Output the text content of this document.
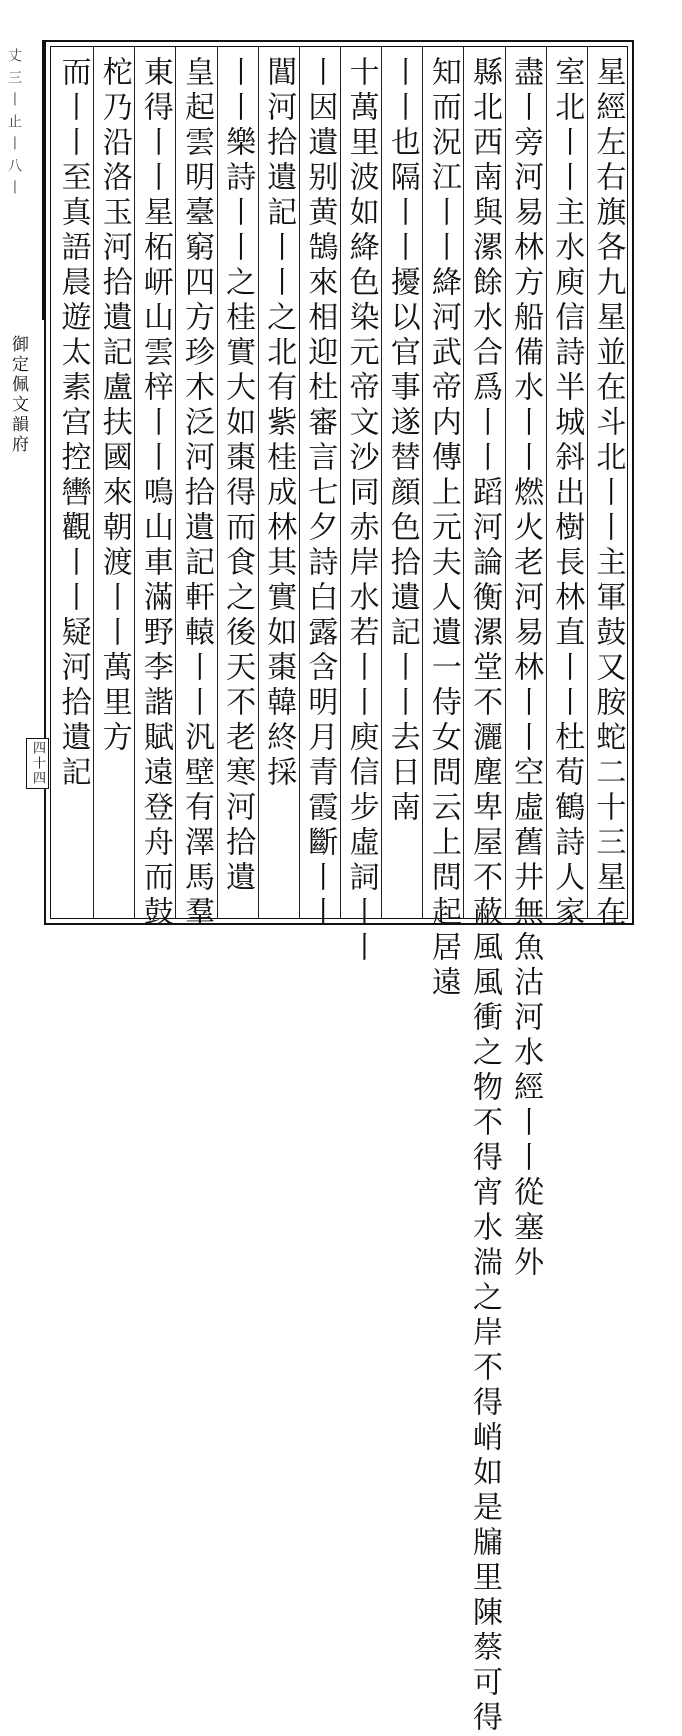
丈三丨止丨八丨
御定佩文韻府
四十四	星經左右旗各九星並在斗北丨丨主軍鼓又胺蛇二十三星在
室北丨丨主水庾信詩半城斜出樹長林直丨丨杜荀鶴詩人家
盡丨旁河易林方船備水丨丨燃火老河易林丨丨空虛舊井無魚沽河水經丨丨從塞外
縣北西南與漯餘水合爲丨丨蹈河論衡漯堂不灑塵卑屋不蔽風風衝之物不得宵水湍之岸不得峭如是牖里陳蔡可得
知而況江丨丨絳河武帝内傳上元夫人遺一侍女問云上問起居遠
丨丨也隔丨丨擾以官事遂替顔色拾遺記丨丨去日南
十萬里波如絳色染元帝文沙同赤岸水若丨丨庾信步虛詞丨丨
丨因遺别黄鵠來相迎杜審言七夕詩白露含明月青霞斷丨丨
閶河拾遺記丨丨之北有紫桂成林其實如棗韓終採
丨丨樂詩丨丨之桂實大如棗得而食之後天不老寒河拾遺
皇起雲明臺窮四方珍木泛河拾遺記軒轅丨丨汎壁有澤馬羣
東得丨丨星柘岍山雲梓丨丨鳴山車滿野李諧賦遠登舟而鼓
柁乃沿洛玉河拾遺記盧扶國來朝渡丨丨萬里方
而丨丨至真語晨遊太素宫控轡觀丨丨疑河拾遺記
